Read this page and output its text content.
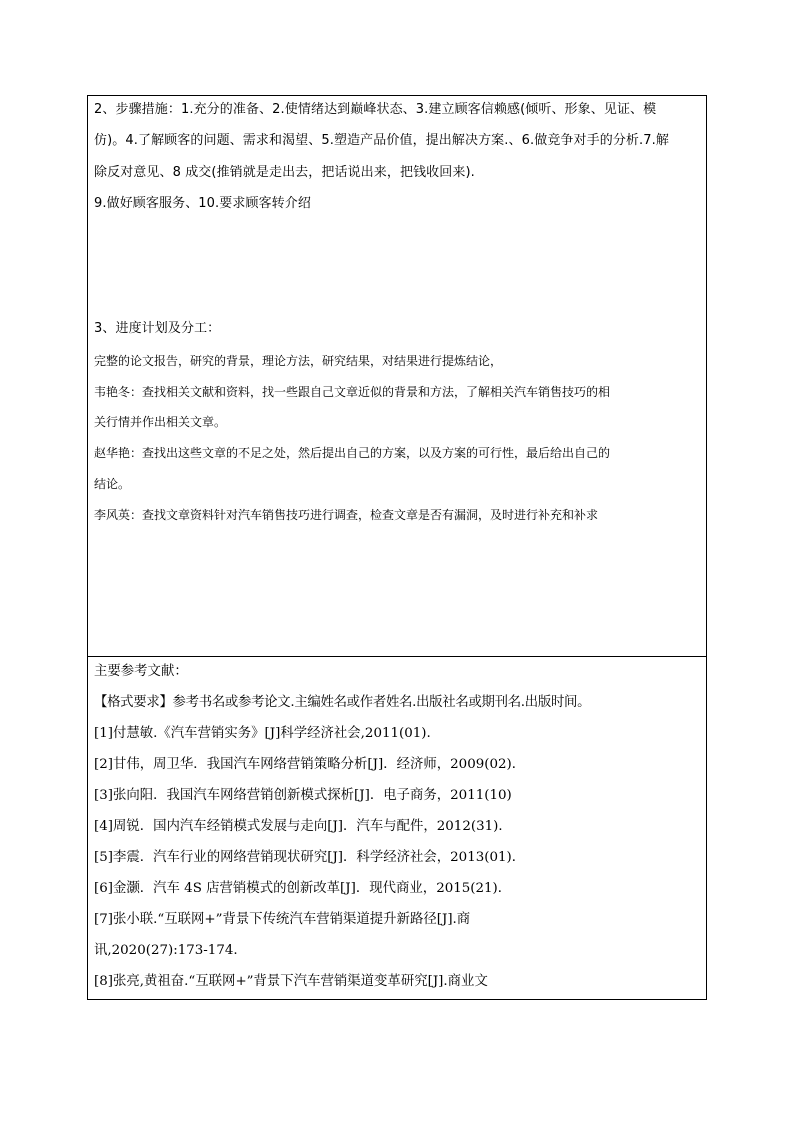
2、步骤措施：1.充分的准备、2.使情绪达到巅峰状态、3.建立顾客信赖感(倾听、形象、见证、模
仿)。4.了解顾客的问题、需求和渴望、5.塑造产品价值，提出解决方案.、6.做竞争对手的分析.7.解
除反对意见、8 成交(推销就是走出去，把话说出来，把钱收回来).
9.做好顾客服务、10.要求顾客转介绍
3、进度计划及分工：
完整的论文报告，研究的背景，理论方法，研究结果，对结果进行提炼结论，
韦艳冬：查找相关文献和资料，找一些跟自己文章近似的背景和方法，了解相关汽车销售技巧的相
关行情并作出相关文章。
赵华艳：查找出这些文章的不足之处，然后提出自己的方案，以及方案的可行性，最后给出自己的
结论。
李风英：查找文章资料针对汽车销售技巧进行调查，检查文章是否有漏洞，及时进行补充和补求
主要参考文献：
【格式要求】参考书名或参考论文.主编姓名或作者姓名.出版社名或期刊名.出版时间。
[1]付慧敏.《汽车营销实务》[J]科学经济社会,2011(01).
[2]甘伟，周卫华．我国汽车网络营销策略分析[J]．经济师，2009(02)．
[3]张向阳．我国汽车网络营销创新模式探析[J]．电子商务，2011(10)
[4]周锐．国内汽车经销模式发展与走向[J]．汽车与配件，2012(31)．
[5]李震．汽车行业的网络营销现状研究[J]．科学经济社会，2013(01)．
[6]金灏．汽车 4S 店营销模式的创新改革[J]．现代商业，2015(21)．
[7]张小联.“互联网+”背景下传统汽车营销渠道提升新路径[J].商
讯,2020(27):173-174.
[8]张亮,黄祖奋.“互联网+”背景下汽车营销渠道变革研究[J].商业文
